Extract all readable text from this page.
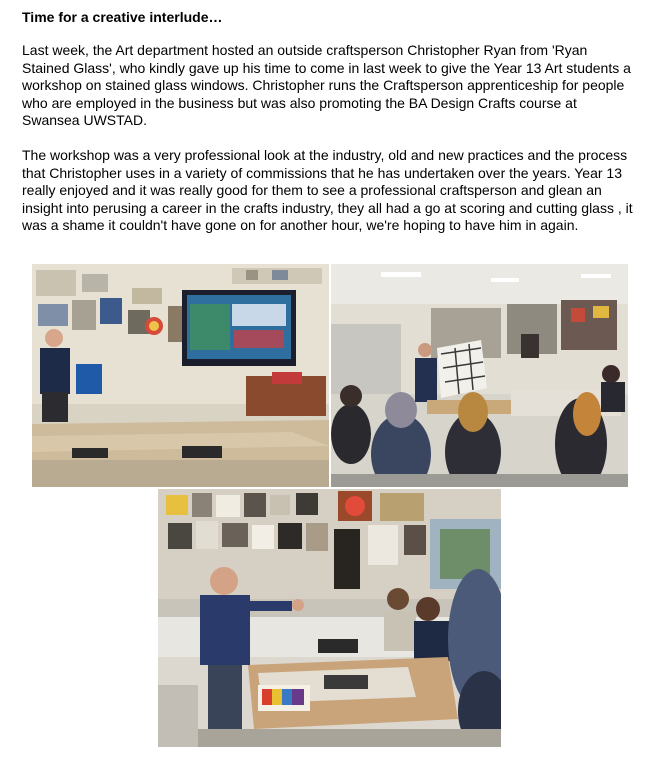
Time for a creative interlude…

Last week, the Art department hosted an outside craftsperson Christopher Ryan from 'Ryan Stained Glass', who kindly gave up his time to come in last week to give the Year 13 Art students a workshop on stained glass windows. Christopher runs the Craftsperson apprenticeship for people who are employed in the business but was also promoting the BA Design Crafts course at Swansea UWSTAD.

The workshop was a very professional look at the industry, old and new practices and the process that Christopher uses in a variety of commissions that he has undertaken over the years. Year 13 really enjoyed and it was really good for them to see a professional craftsperson and glean an insight into perusing a career in the crafts industry, they all had a go at scoring and cutting glass , it was a shame it couldn't have gone on for another hour, we're hoping to have him in again.
